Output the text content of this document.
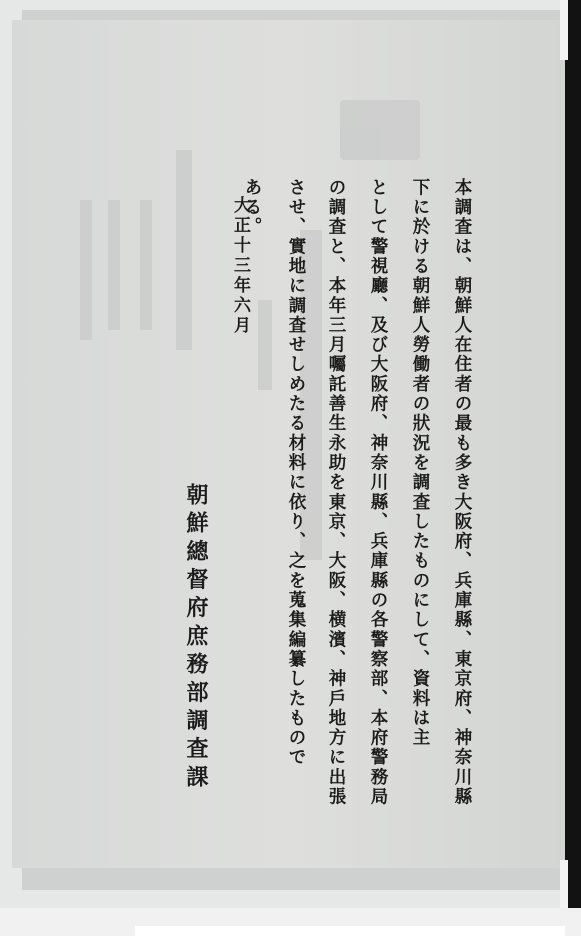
本調査は、朝鮮人在住者の最も多き大阪府、兵庫縣、東京府、神奈川縣
下に於ける朝鮮人勞働者の狀況を調査したものにして、資料は主
として警視廳、及び大阪府、神奈川縣、兵庫縣の各警察部、本府警務局
の調査と、本年三月囑託善生永助を東京、大阪、横濱、神戶地方に出張
させ、實地に調査せしめたる材料に依り、之を蒐集編纂したもので
ある。
大正十三年六月
朝鮮總督府庶務部調査課
